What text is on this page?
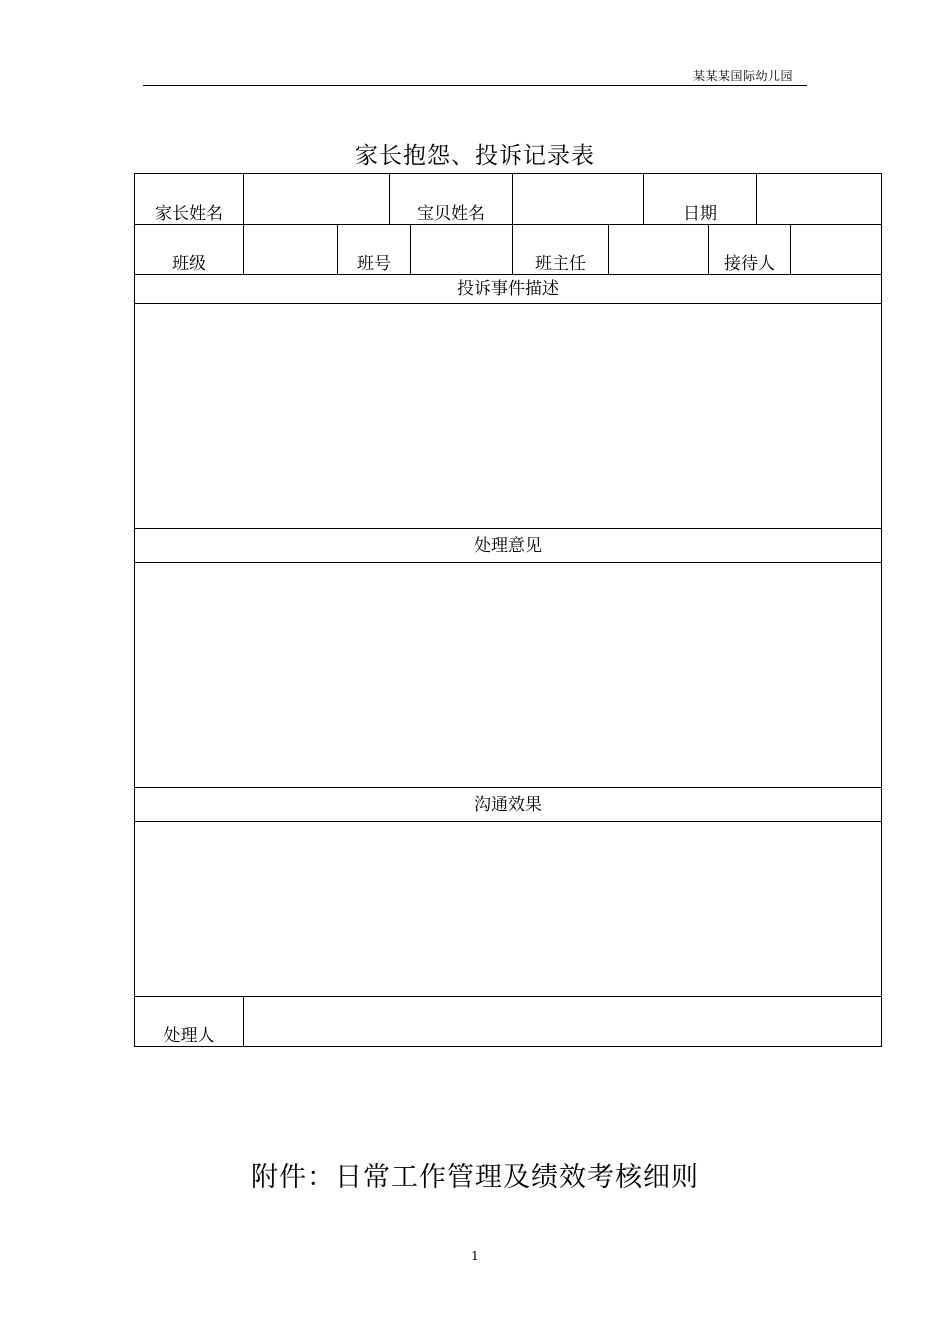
某某某国际幼儿园
家长抱怨、投诉记录表
家长姓名	宝贝姓名	日期
班级	班号	班主任	接待人
投诉事件描述
处理意见
沟通效果
处理人
附件：日常工作管理及绩效考核细则
1
